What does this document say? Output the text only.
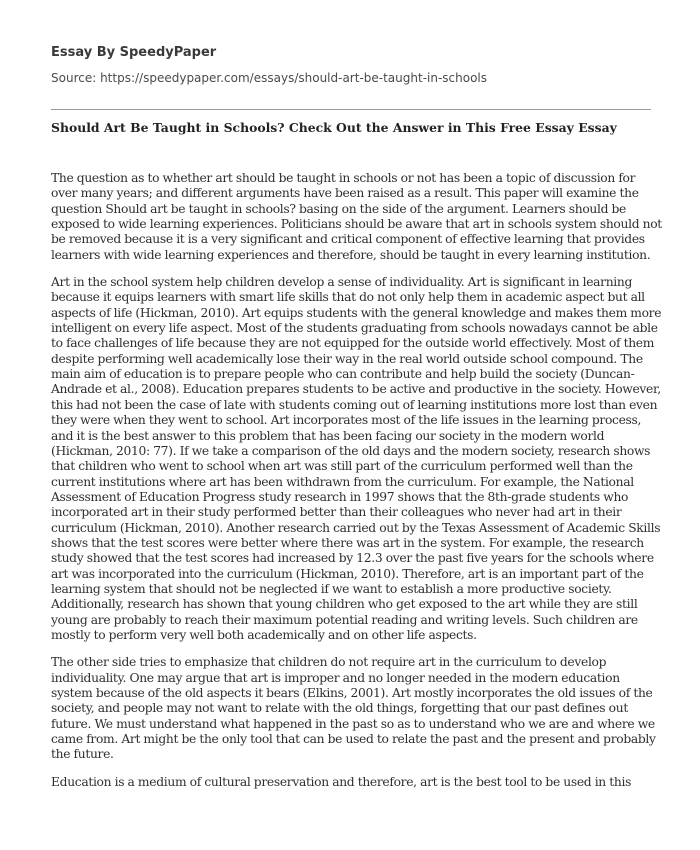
Essay By SpeedyPaper
Source: https://speedypaper.com/essays/should-art-be-taught-in-schools
Should Art Be Taught in Schools? Check Out the Answer in This Free Essay Essay

The question as to whether art should be taught in schools or not has been a topic of discussion for over many years; and different arguments have been raised as a result. This paper will examine the question Should art be taught in schools? basing on the side of the argument. Learners should be exposed to wide learning experiences. Politicians should be aware that art in schools system should not be removed because it is a very significant and critical component of effective learning that provides learners with wide learning experiences and therefore, should be taught in every learning institution.

Art in the school system help children develop a sense of individuality. Art is significant in learning because it equips learners with smart life skills that do not only help them in academic aspect but all aspects of life (Hickman, 2010). Art equips students with the general knowledge and makes them more intelligent on every life aspect. Most of the students graduating from schools nowadays cannot be able to face challenges of life because they are not equipped for the outside world effectively. Most of them despite performing well academically lose their way in the real world outside school compound. The main aim of education is to prepare people who can contribute and help build the society (Duncan-Andrade et al., 2008). Education prepares students to be active and productive in the society. However, this had not been the case of late with students coming out of learning institutions more lost than even they were when they went to school. Art incorporates most of the life issues in the learning process, and it is the best answer to this problem that has been facing our society in the modern world (Hickman, 2010: 77). If we take a comparison of the old days and the modern society, research shows that children who went to school when art was still part of the curriculum performed well than the current institutions where art has been withdrawn from the curriculum. For example, the National Assessment of Education Progress study research in 1997 shows that the 8th-grade students who incorporated art in their study performed better than their colleagues who never had art in their curriculum (Hickman, 2010). Another research carried out by the Texas Assessment of Academic Skills shows that the test scores were better where there was art in the system. For example, the research study showed that the test scores had increased by 12.3 over the past five years for the schools where art was incorporated into the curriculum (Hickman, 2010). Therefore, art is an important part of the learning system that should not be neglected if we want to establish a more productive society. Additionally, research has shown that young children who get exposed to the art while they are still young are probably to reach their maximum potential reading and writing levels. Such children are mostly to perform very well both academically and on other life aspects.

The other side tries to emphasize that children do not require art in the curriculum to develop individuality. One may argue that art is improper and no longer needed in the modern education system because of the old aspects it bears (Elkins, 2001). Art mostly incorporates the old issues of the society, and people may not want to relate with the old things, forgetting that our past defines out future. We must understand what happened in the past so as to understand who we are and where we came from. Art might be the only tool that can be used to relate the past and the present and probably the future.

Education is a medium of cultural preservation and therefore, art is the best tool to be used in this
